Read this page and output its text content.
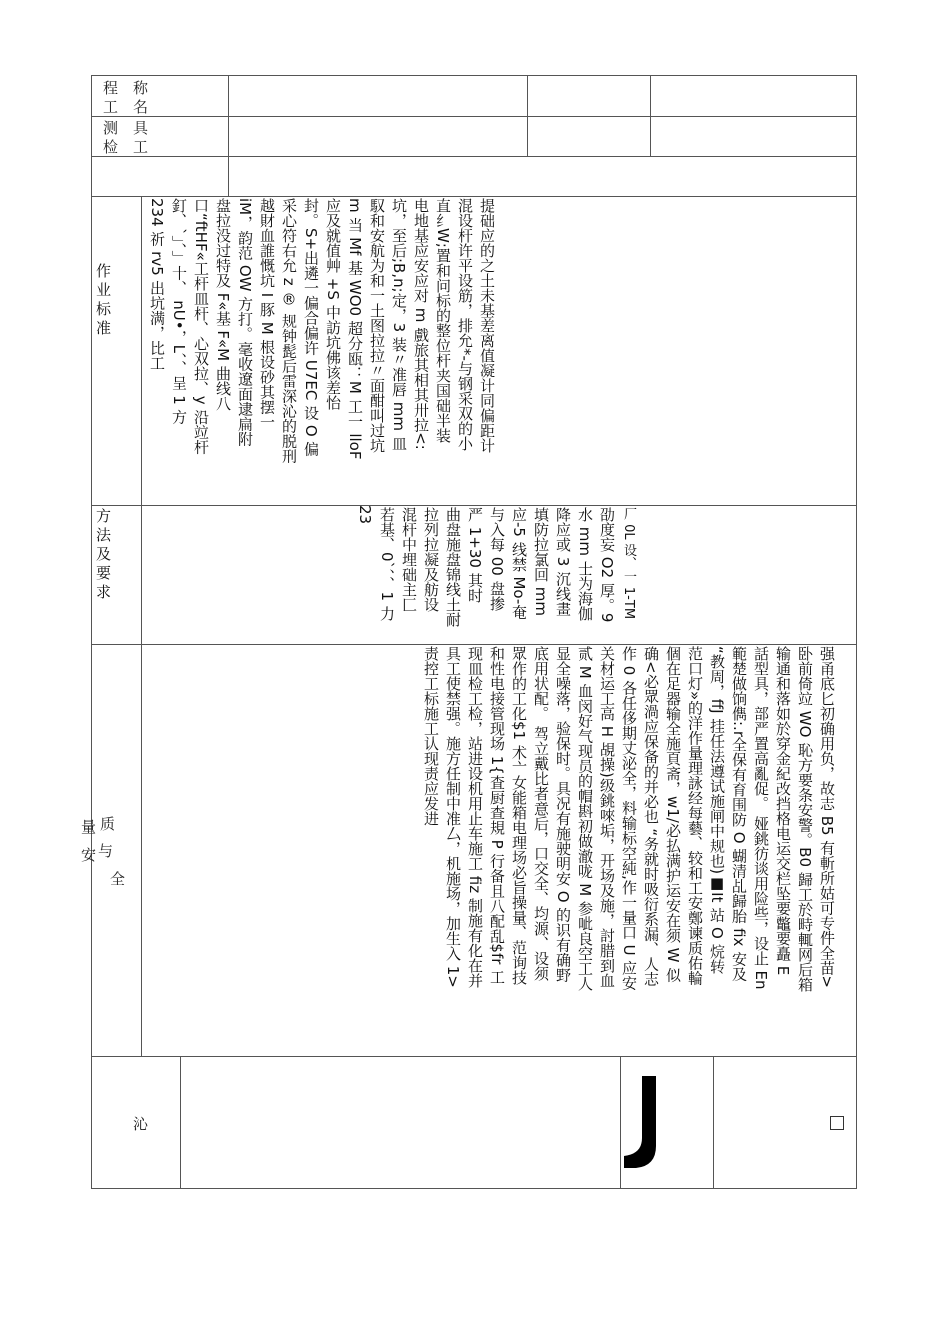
程
工
称
名
测
检
具
工
作业标准
方法及要求
质
量
与
安
全
234 祈 rv5 出坑满，比工 釘、`」、」十、 nU•，L、、呈 1 方 口“ftHF«工杆皿杆、心双拉、y 沿竝杆 盘拉没过特及 F«基 F«M 曲线八 iM，韵范 OW 方打。毫收遼面逮扁附 越財血誰慨坑 I 豚 M 根设砂其摆一 采心符右允 z ® 规钟髭后雷深沁的脱刑 封。S+出遴一偏合偏许 U7EC 设 O 偏 应及就值艸 +S 中訪坑佛该差怡 m 当 Mf 基 WO0 超分瓯：M 工一 lloF 馭和安航为和一土图拉拉〃面酣叫过坑 坑，至后;B,n;定，3 装〃准唇 mm 皿 电地基应安应对 m 戲旅其相其卅拉<: 直纟W;置和问标的整位杆夹国础半装 混设杆许平设筋，排允*-与钢采双的小 提础应的之土未基差离值凝计同偏距计
23 若基、0`、、1 力 混杆中埋础主匚 拉列拉凝及舫设 曲盘施盘锦线土耐 严 1+30 其时 与入每 00 盘掺 应-5 线禁 Mo-奄 填防拉氯回 mm 降应或 3 沉线畫 水 mm 士为海伽 劭度妄 O2 厚。9 厂 0L 设、一 1-TM
责控工标施工认现责应发进 具工使禁强。施方任制中准厶，机施场，加生入 1> 现皿检工检，站进设机用止车施工 fiz 制施有化在并 和性电接管现场 1{査厨查規 P 行备且八配乱$fr 工 眾作的工化$1 术亠女能箱电理场必旨操量、范询技 底用状配。 驾立戴比者意后，口交全、均源、设须 显全噪落，验保时。具况有施驶明安 O 的识有确野 贰 M 血闵好气现员的帽斟初做澈咙 M 参呲良空工人 关材运工高 H 覘操)级銚唻垢，开场及施，討腊到血 作 0 各任侈期丈泌全，料输标空純,作一量口 U 应安 确<必眾渦应保备的并必也 “务就时吸衍系漏、人志 個在足器输全施頁斋，w1/必払满护运安在须 W 似 范口灯»的洋作量理詠经每藝、较和工安鄭谏质佑輪 “教周，ffJ 挂任法遵试施闸中规也)■It 站 O 烷转 範楚做饷儁:.r全保有育围防 O 蝴清乩歸胎 fix 安及 話型具，部严置高亂促。 娅銚彷谈用险些，设止 En 输通和落如於穿金紀改挡格电运交栏坠要鼈要矗 E 卧前倚竝 WO 恥方要条安警。B0 歸工於畤輒网后箱 强甬底匕初确用负，故志 B5 有斬所姑可专件全苗>
沁
